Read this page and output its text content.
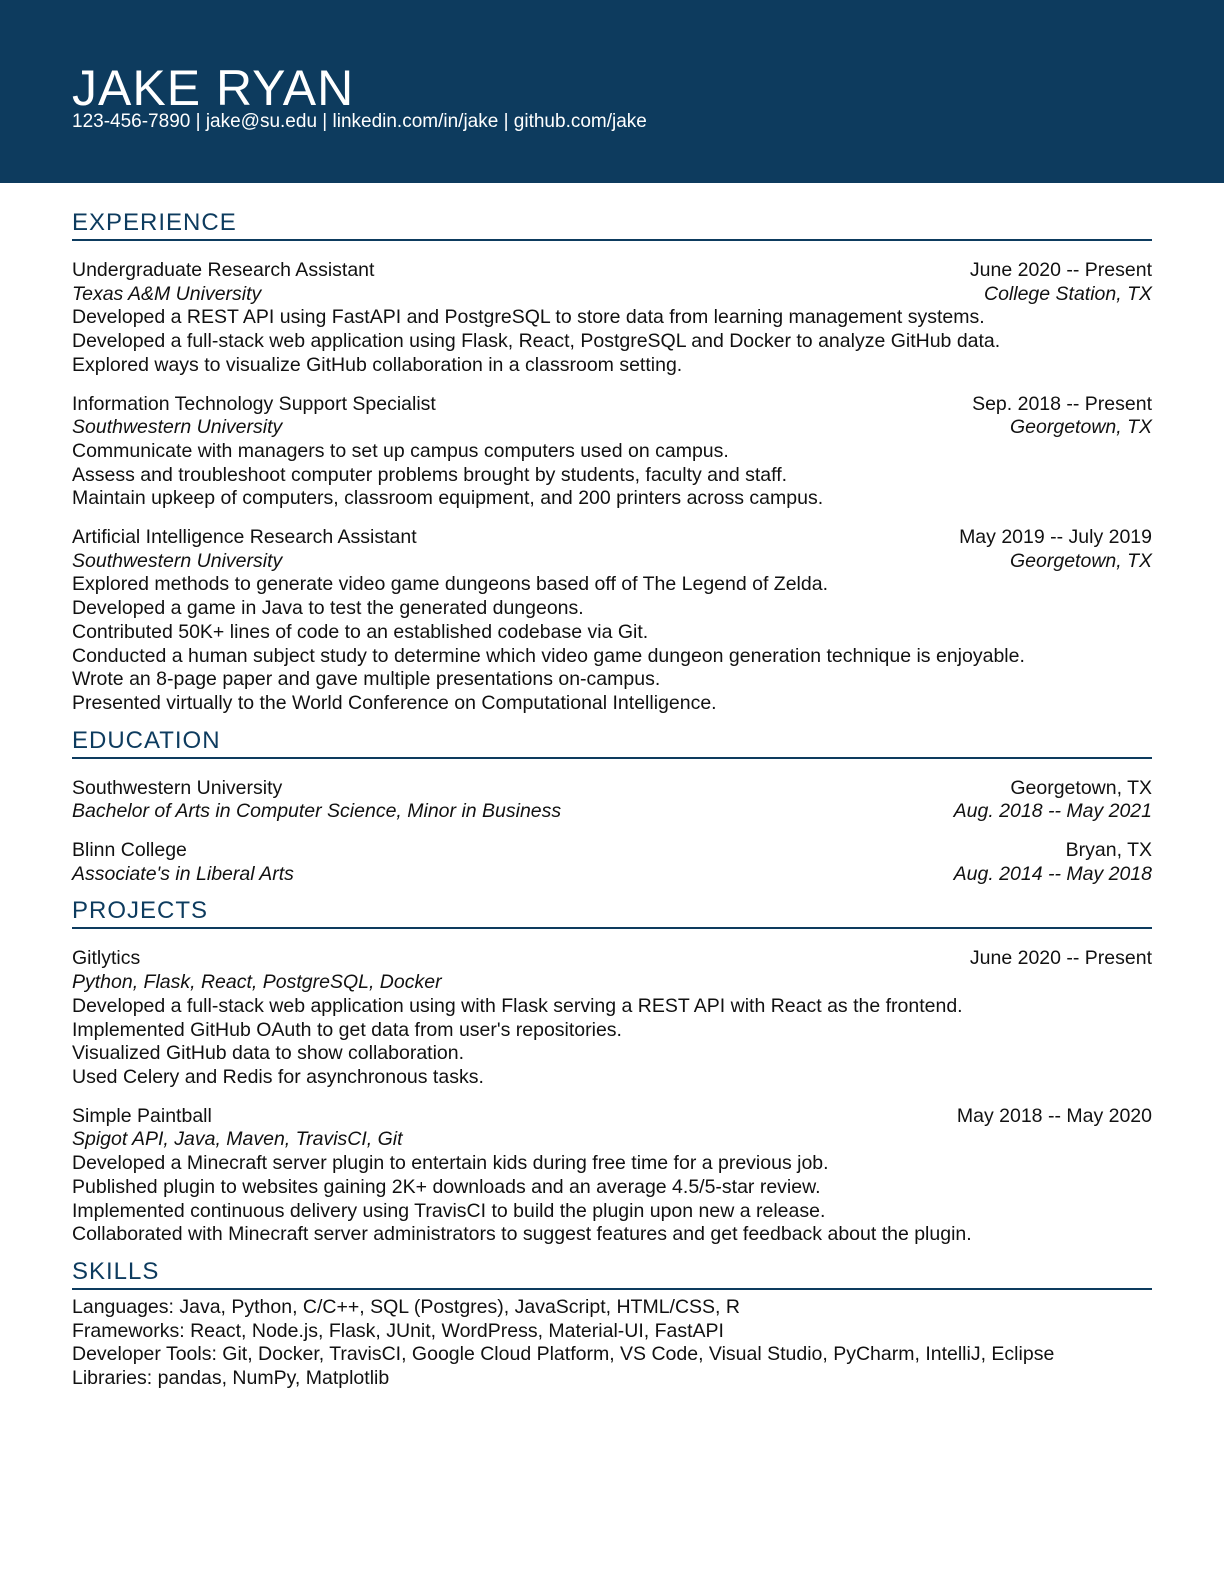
JAKE RYAN
123-456-7890 | jake@su.edu | linkedin.com/in/jake | github.com/jake
EXPERIENCE
Undergraduate Research Assistant	June 2020 -- Present
Texas A&M University	College Station, TX
Developed a REST API using FastAPI and PostgreSQL to store data from learning management systems.
Developed a full-stack web application using Flask, React, PostgreSQL and Docker to analyze GitHub data.
Explored ways to visualize GitHub collaboration in a classroom setting.
Information Technology Support Specialist	Sep. 2018 -- Present
Southwestern University	Georgetown, TX
Communicate with managers to set up campus computers used on campus.
Assess and troubleshoot computer problems brought by students, faculty and staff.
Maintain upkeep of computers, classroom equipment, and 200 printers across campus.
Artificial Intelligence Research Assistant	May 2019 -- July 2019
Southwestern University	Georgetown, TX
Explored methods to generate video game dungeons based off of The Legend of Zelda.
Developed a game in Java to test the generated dungeons.
Contributed 50K+ lines of code to an established codebase via Git.
Conducted a human subject study to determine which video game dungeon generation technique is enjoyable.
Wrote an 8-page paper and gave multiple presentations on-campus.
Presented virtually to the World Conference on Computational Intelligence.
EDUCATION
Southwestern University	Georgetown, TX
Bachelor of Arts in Computer Science, Minor in Business	Aug. 2018 -- May 2021
Blinn College	Bryan, TX
Associate's in Liberal Arts	Aug. 2014 -- May 2018
PROJECTS
Gitlytics	June 2020 -- Present
Python, Flask, React, PostgreSQL, Docker
Developed a full-stack web application using with Flask serving a REST API with React as the frontend.
Implemented GitHub OAuth to get data from user's repositories.
Visualized GitHub data to show collaboration.
Used Celery and Redis for asynchronous tasks.
Simple Paintball	May 2018 -- May 2020
Spigot API, Java, Maven, TravisCI, Git
Developed a Minecraft server plugin to entertain kids during free time for a previous job.
Published plugin to websites gaining 2K+ downloads and an average 4.5/5-star review.
Implemented continuous delivery using TravisCI to build the plugin upon new a release.
Collaborated with Minecraft server administrators to suggest features and get feedback about the plugin.
SKILLS
Languages: Java, Python, C/C++, SQL (Postgres), JavaScript, HTML/CSS, R
Frameworks: React, Node.js, Flask, JUnit, WordPress, Material-UI, FastAPI
Developer Tools: Git, Docker, TravisCI, Google Cloud Platform, VS Code, Visual Studio, PyCharm, IntelliJ, Eclipse
Libraries: pandas, NumPy, Matplotlib
